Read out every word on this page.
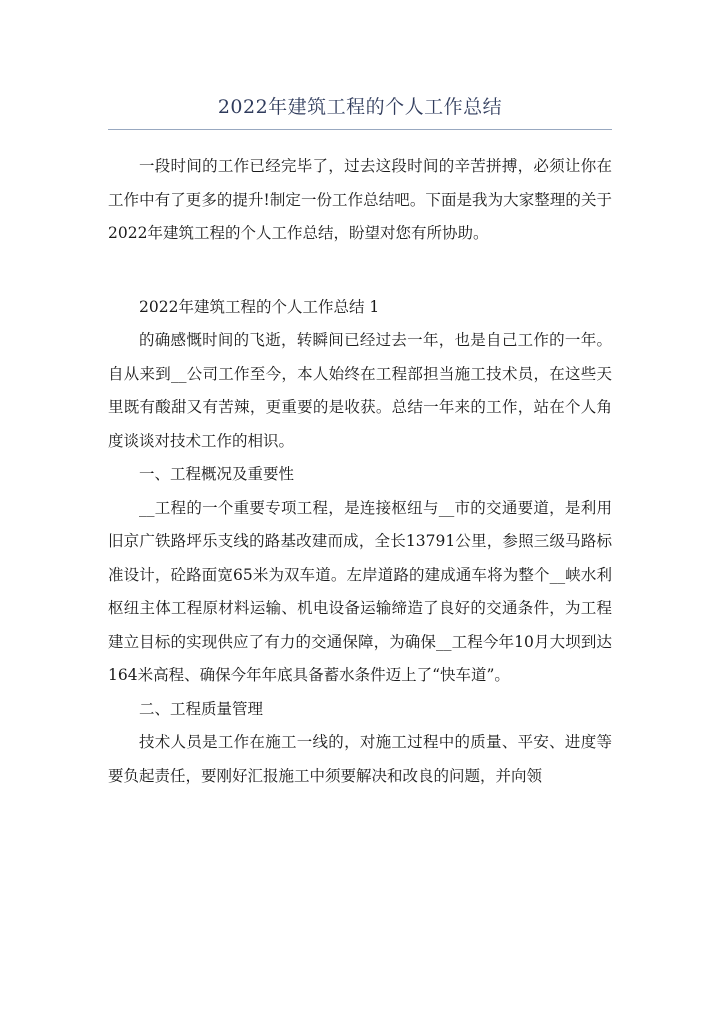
2022年建筑工程的个人工作总结

一段时间的工作已经完毕了，过去这段时间的辛苦拼搏，必须让你在工作中有了更多的提升!制定一份工作总结吧。下面是我为大家整理的关于2022年建筑工程的个人工作总结，盼望对您有所协助。

2022年建筑工程的个人工作总结 1

的确感慨时间的飞逝，转瞬间已经过去一年，也是自己工作的一年。自从来到__公司工作至今，本人始终在工程部担当施工技术员，在这些天里既有酸甜又有苦辣，更重要的是收获。总结一年来的工作，站在个人角度谈谈对技术工作的相识。

一、工程概况及重要性

__工程的一个重要专项工程，是连接枢纽与__市的交通要道，是利用旧京广铁路坪乐支线的路基改建而成，全长13791公里，参照三级马路标准设计，砼路面宽65米为双车道。左岸道路的建成通车将为整个__峡水利枢纽主体工程原材料运输、机电设备运输缔造了良好的交通条件，为工程建立目标的实现供应了有力的交通保障，为确保__工程今年10月大坝到达164米高程、确保今年年底具备蓄水条件迈上了“快车道”。

二、工程质量管理

技术人员是工作在施工一线的，对施工过程中的质量、平安、进度等要负起责任，要刚好汇报施工中须要解决和改良的问题，并向领
